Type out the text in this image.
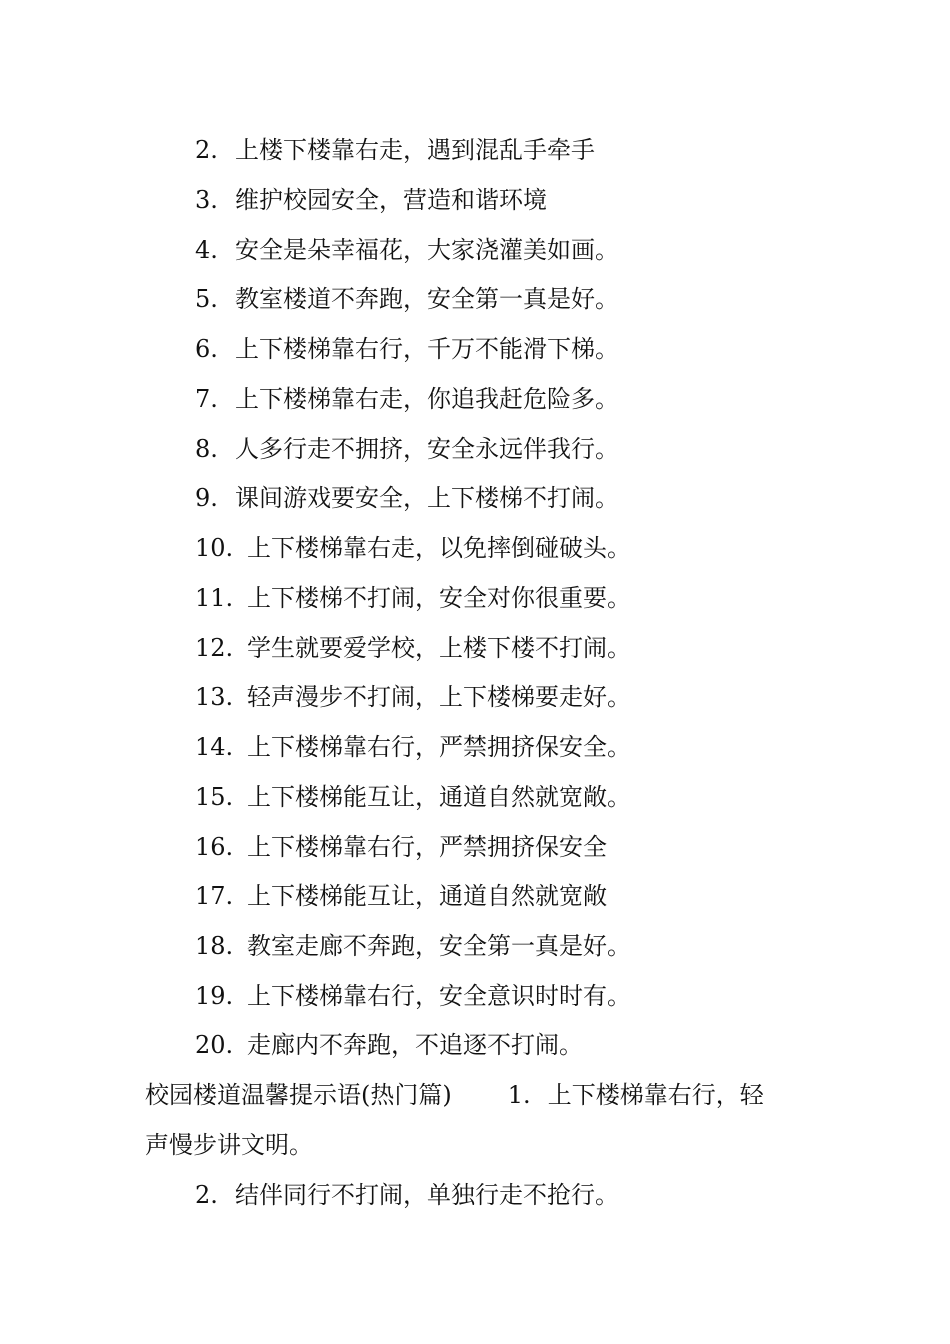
2. 上楼下楼靠右走，遇到混乱手牵手
3. 维护校园安全，营造和谐环境
4. 安全是朵幸福花，大家浇灌美如画。
5. 教室楼道不奔跑，安全第一真是好。
6. 上下楼梯靠右行，千万不能滑下梯。
7. 上下楼梯靠右走，你追我赶危险多。
8. 人多行走不拥挤，安全永远伴我行。
9. 课间游戏要安全，上下楼梯不打闹。
10. 上下楼梯靠右走，以免摔倒碰破头。
11. 上下楼梯不打闹，安全对你很重要。
12. 学生就要爱学校，上楼下楼不打闹。
13. 轻声漫步不打闹，上下楼梯要走好。
14. 上下楼梯靠右行，严禁拥挤保安全。
15. 上下楼梯能互让，通道自然就宽敞。
16. 上下楼梯靠右行，严禁拥挤保安全
17. 上下楼梯能互让，通道自然就宽敞
18. 教室走廊不奔跑，安全第一真是好。
19. 上下楼梯靠右行，安全意识时时有。
20. 走廊内不奔跑，不追逐不打闹。
校园楼道温馨提示语(热门篇) 1. 上下楼梯靠右行，轻
声慢步讲文明。
2. 结伴同行不打闹，单独行走不抢行。
